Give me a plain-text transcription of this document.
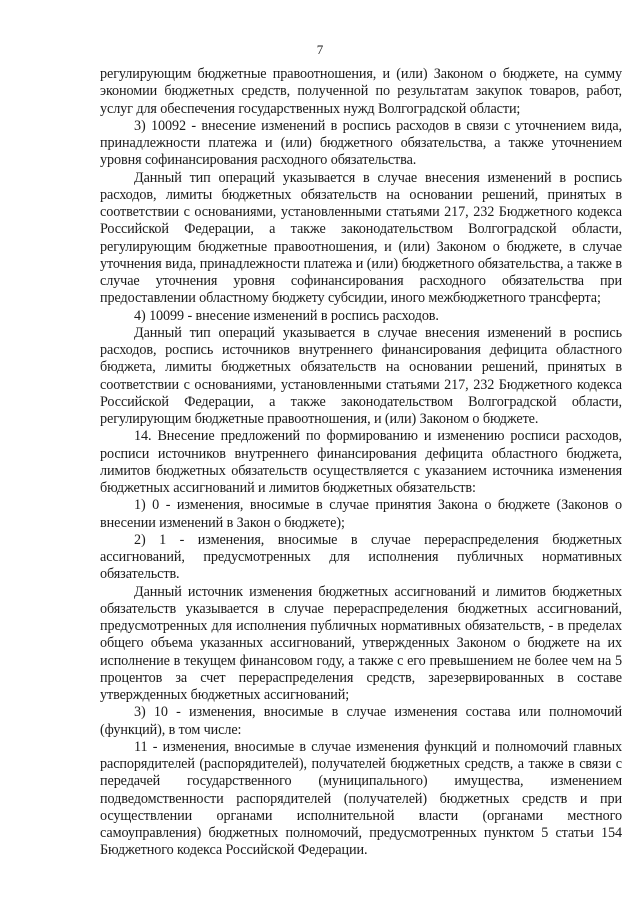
7

регулирующим бюджетные правоотношения, и (или) Законом о бюджете, на сумму экономии бюджетных средств, полученной по результатам закупок товаров, работ, услуг для обеспечения государственных нужд Волгоградской области;

3) 10092 - внесение изменений в роспись расходов в связи с уточнением вида, принадлежности платежа и (или) бюджетного обязательства, а также уточнением уровня софинансирования расходного обязательства.

Данный тип операций указывается в случае внесения изменений в роспись расходов, лимиты бюджетных обязательств на основании решений, принятых в соответствии с основаниями, установленными статьями 217, 232 Бюджетного кодекса Российской Федерации, а также законодательством Волгоградской области, регулирующим бюджетные правоотношения, и (или) Законом о бюджете, в случае уточнения вида, принадлежности платежа и (или) бюджетного обязательства, а также в случае уточнения уровня софинансирования расходного обязательства при предоставлении областному бюджету субсидии, иного межбюджетного трансферта;

4) 10099 - внесение изменений в роспись расходов.

Данный тип операций указывается в случае внесения изменений в роспись расходов, роспись источников внутреннего финансирования дефицита областного бюджета, лимиты бюджетных обязательств на основании решений, принятых в соответствии с основаниями, установленными статьями 217, 232 Бюджетного кодекса Российской Федерации, а также законодательством Волгоградской области, регулирующим бюджетные правоотношения, и (или) Законом о бюджете.

14. Внесение предложений по формированию и изменению росписи расходов, росписи источников внутреннего финансирования дефицита областного бюджета, лимитов бюджетных обязательств осуществляется с указанием источника изменения бюджетных ассигнований и лимитов бюджетных обязательств:

1) 0 - изменения, вносимые в случае принятия Закона о бюджете (Законов о внесении изменений в Закон о бюджете);

2) 1 - изменения, вносимые в случае перераспределения бюджетных ассигнований, предусмотренных для исполнения публичных нормативных обязательств.

Данный источник изменения бюджетных ассигнований и лимитов бюджетных обязательств указывается в случае перераспределения бюджетных ассигнований, предусмотренных для исполнения публичных нормативных обязательств, - в пределах общего объема указанных ассигнований, утвержденных Законом о бюджете на их исполнение в текущем финансовом году, а также с его превышением не более чем на 5 процентов за счет перераспределения средств, зарезервированных в составе утвержденных бюджетных ассигнований;

3) 10 - изменения, вносимые в случае изменения состава или полномочий (функций), в том числе:

11 - изменения, вносимые в случае изменения функций и полномочий главных распорядителей (распорядителей), получателей бюджетных средств, а также в связи с передачей государственного (муниципального) имущества, изменением подведомственности распорядителей (получателей) бюджетных средств и при осуществлении органами исполнительной власти (органами местного самоуправления) бюджетных полномочий, предусмотренных пунктом 5 статьи 154 Бюджетного кодекса Российской Федерации.
